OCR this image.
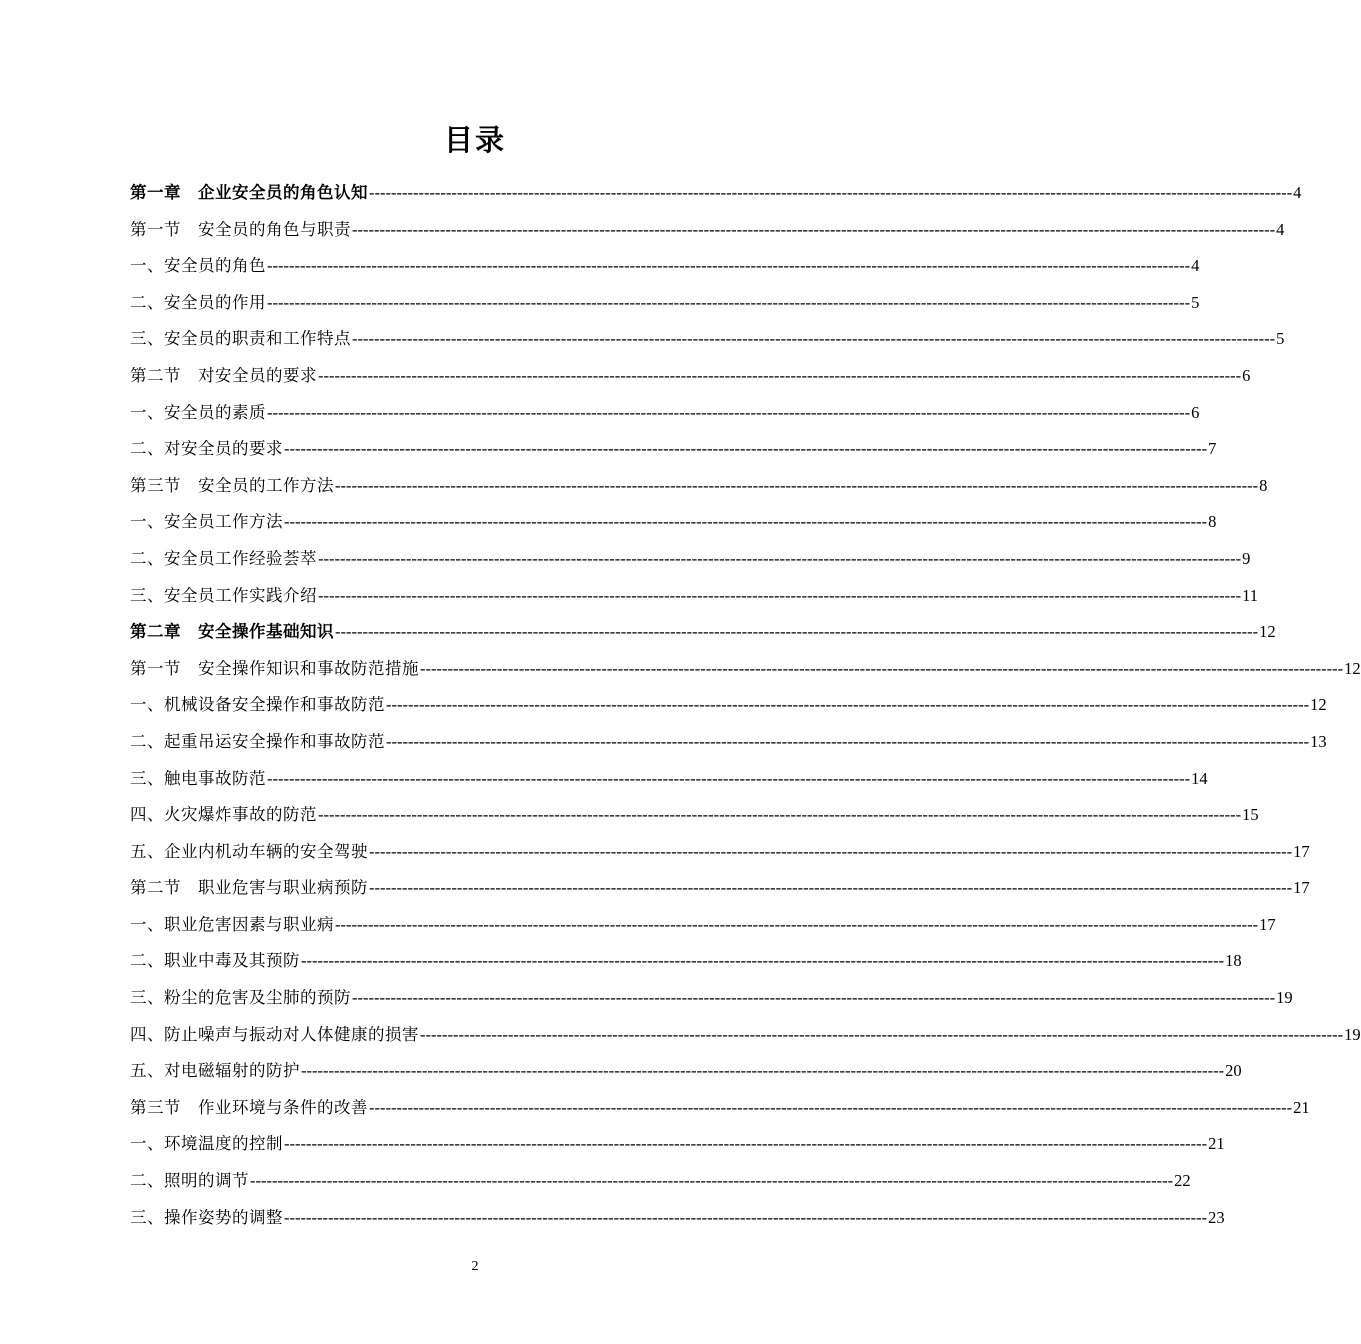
目录
第一章　企业安全员的角色认知 ------------------------------------------------------------------------------------------------------------------------------------------------------------------------ 4
第一节　安全员的角色与职责 ------------------------------------------------------------------------------------------------------------------------------------------------------------------------ 4
一、安全员的角色 ------------------------------------------------------------------------------------------------------------------------------------------------------------------------ 4
二、安全员的作用 ------------------------------------------------------------------------------------------------------------------------------------------------------------------------ 5
三、安全员的职责和工作特点 ------------------------------------------------------------------------------------------------------------------------------------------------------------------------ 5
第二节　对安全员的要求 ------------------------------------------------------------------------------------------------------------------------------------------------------------------------ 6
一、安全员的素质 ------------------------------------------------------------------------------------------------------------------------------------------------------------------------ 6
二、对安全员的要求 ------------------------------------------------------------------------------------------------------------------------------------------------------------------------ 7
第三节　安全员的工作方法 ------------------------------------------------------------------------------------------------------------------------------------------------------------------------ 8
一、安全员工作方法 ------------------------------------------------------------------------------------------------------------------------------------------------------------------------ 8
二、安全员工作经验荟萃 ------------------------------------------------------------------------------------------------------------------------------------------------------------------------ 9
三、安全员工作实践介绍 ------------------------------------------------------------------------------------------------------------------------------------------------------------------------ 11
第二章　安全操作基础知识 ------------------------------------------------------------------------------------------------------------------------------------------------------------------------ 12
第一节　安全操作知识和事故防范措施 ------------------------------------------------------------------------------------------------------------------------------------------------------------------------ 12
一、机械设备安全操作和事故防范 ------------------------------------------------------------------------------------------------------------------------------------------------------------------------ 12
二、起重吊运安全操作和事故防范 ------------------------------------------------------------------------------------------------------------------------------------------------------------------------ 13
三、触电事故防范 ------------------------------------------------------------------------------------------------------------------------------------------------------------------------ 14
四、火灾爆炸事故的防范 ------------------------------------------------------------------------------------------------------------------------------------------------------------------------ 15
五、企业内机动车辆的安全驾驶 ------------------------------------------------------------------------------------------------------------------------------------------------------------------------ 17
第二节　职业危害与职业病预防 ------------------------------------------------------------------------------------------------------------------------------------------------------------------------ 17
一、职业危害因素与职业病 ------------------------------------------------------------------------------------------------------------------------------------------------------------------------ 17
二、职业中毒及其预防 ------------------------------------------------------------------------------------------------------------------------------------------------------------------------ 18
三、粉尘的危害及尘肺的预防 ------------------------------------------------------------------------------------------------------------------------------------------------------------------------ 19
四、防止噪声与振动对人体健康的损害 ------------------------------------------------------------------------------------------------------------------------------------------------------------------------ 19
五、对电磁辐射的防护 ------------------------------------------------------------------------------------------------------------------------------------------------------------------------ 20
第三节　作业环境与条件的改善 ------------------------------------------------------------------------------------------------------------------------------------------------------------------------ 21
一、环境温度的控制 ------------------------------------------------------------------------------------------------------------------------------------------------------------------------ 21
二、照明的调节 ------------------------------------------------------------------------------------------------------------------------------------------------------------------------ 22
三、操作姿势的调整 ------------------------------------------------------------------------------------------------------------------------------------------------------------------------ 23
2
